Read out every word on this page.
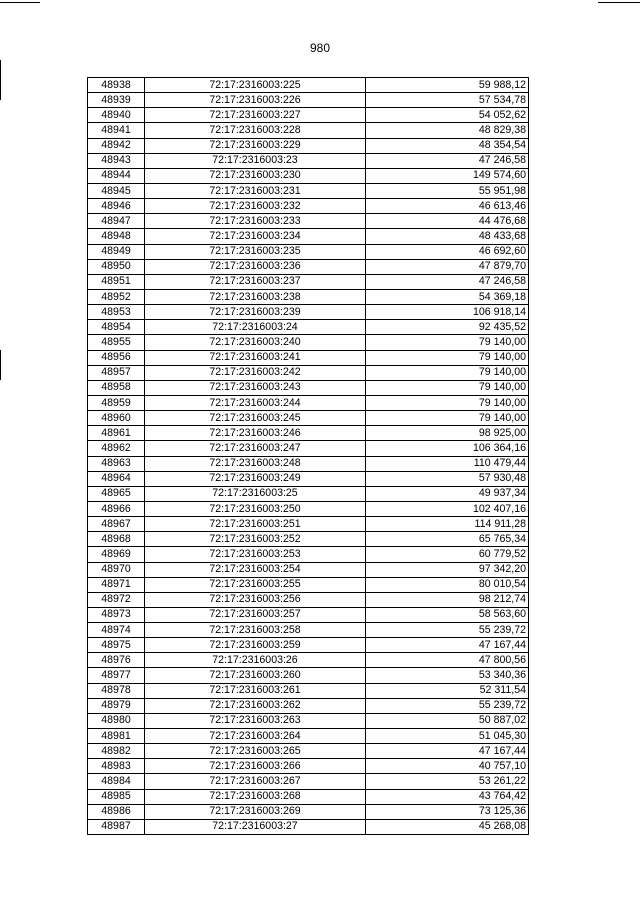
980
48938	72:17:2316003:225	59 988,12
48939	72:17:2316003:226	57 534,78
48940	72:17:2316003:227	54 052,62
48941	72:17:2316003:228	48 829,38
48942	72:17:2316003:229	48 354,54
48943	72:17:2316003:23	47 246,58
48944	72:17:2316003:230	149 574,60
48945	72:17:2316003:231	55 951,98
48946	72:17:2316003:232	46 613,46
48947	72:17:2316003:233	44 476,68
48948	72:17:2316003:234	48 433,68
48949	72:17:2316003:235	46 692,60
48950	72:17:2316003:236	47 879,70
48951	72:17:2316003:237	47 246,58
48952	72:17:2316003:238	54 369,18
48953	72:17:2316003:239	106 918,14
48954	72:17:2316003:24	92 435,52
48955	72:17:2316003:240	79 140,00
48956	72:17:2316003:241	79 140,00
48957	72:17:2316003:242	79 140,00
48958	72:17:2316003:243	79 140,00
48959	72:17:2316003:244	79 140,00
48960	72:17:2316003:245	79 140,00
48961	72:17:2316003:246	98 925,00
48962	72:17:2316003:247	106 364,16
48963	72:17:2316003:248	110 479,44
48964	72:17:2316003:249	57 930,48
48965	72:17:2316003:25	49 937,34
48966	72:17:2316003:250	102 407,16
48967	72:17:2316003:251	114 911,28
48968	72:17:2316003:252	65 765,34
48969	72:17:2316003:253	60 779,52
48970	72:17:2316003:254	97 342,20
48971	72:17:2316003:255	80 010,54
48972	72:17:2316003:256	98 212,74
48973	72:17:2316003:257	58 563,60
48974	72:17:2316003:258	55 239,72
48975	72:17:2316003:259	47 167,44
48976	72:17:2316003:26	47 800,56
48977	72:17:2316003:260	53 340,36
48978	72:17:2316003:261	52 311,54
48979	72:17:2316003:262	55 239,72
48980	72:17:2316003:263	50 887,02
48981	72:17:2316003:264	51 045,30
48982	72:17:2316003:265	47 167,44
48983	72:17:2316003:266	40 757,10
48984	72:17:2316003:267	53 261,22
48985	72:17:2316003:268	43 764,42
48986	72:17:2316003:269	73 125,36
48987	72:17:2316003:27	45 268,08
